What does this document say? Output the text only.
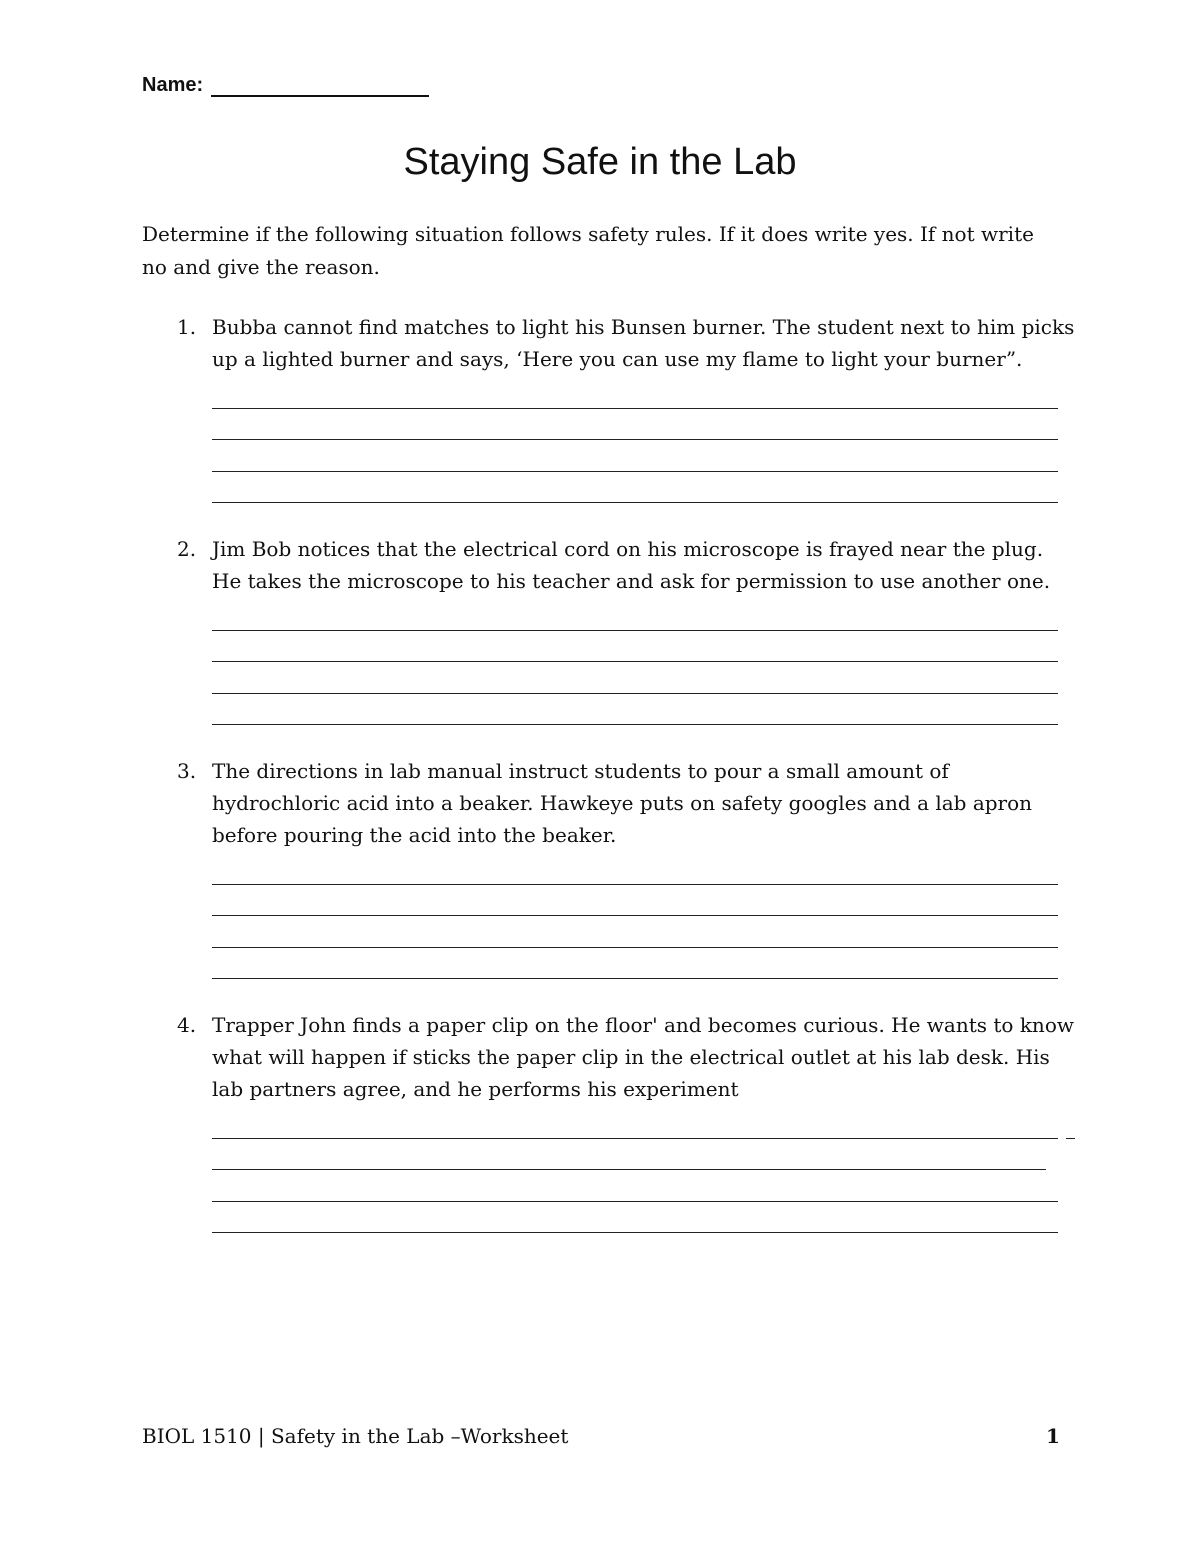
Name:
Staying Safe in the Lab

Determine if the following situation follows safety rules. If it does write yes. If not write no and give the reason.

1. Bubba cannot find matches to light his Bunsen burner. The student next to him picks up a lighted burner and says, ‘Here you can use my flame to light your burner”.
2. Jim Bob notices that the electrical cord on his microscope is frayed near the plug. He takes the microscope to his teacher and ask for permission to use another one.
3. The directions in lab manual instruct students to pour a small amount of hydrochloric acid into a beaker. Hawkeye puts on safety googles and a lab apron before pouring the acid into the beaker.
4. Trapper John finds a paper clip on the floor' and becomes curious. He wants to know what will happen if sticks the paper clip in the electrical outlet at his lab desk. His lab partners agree, and he performs his experiment
BIOL 1510 | Safety in the Lab –Worksheet	1
